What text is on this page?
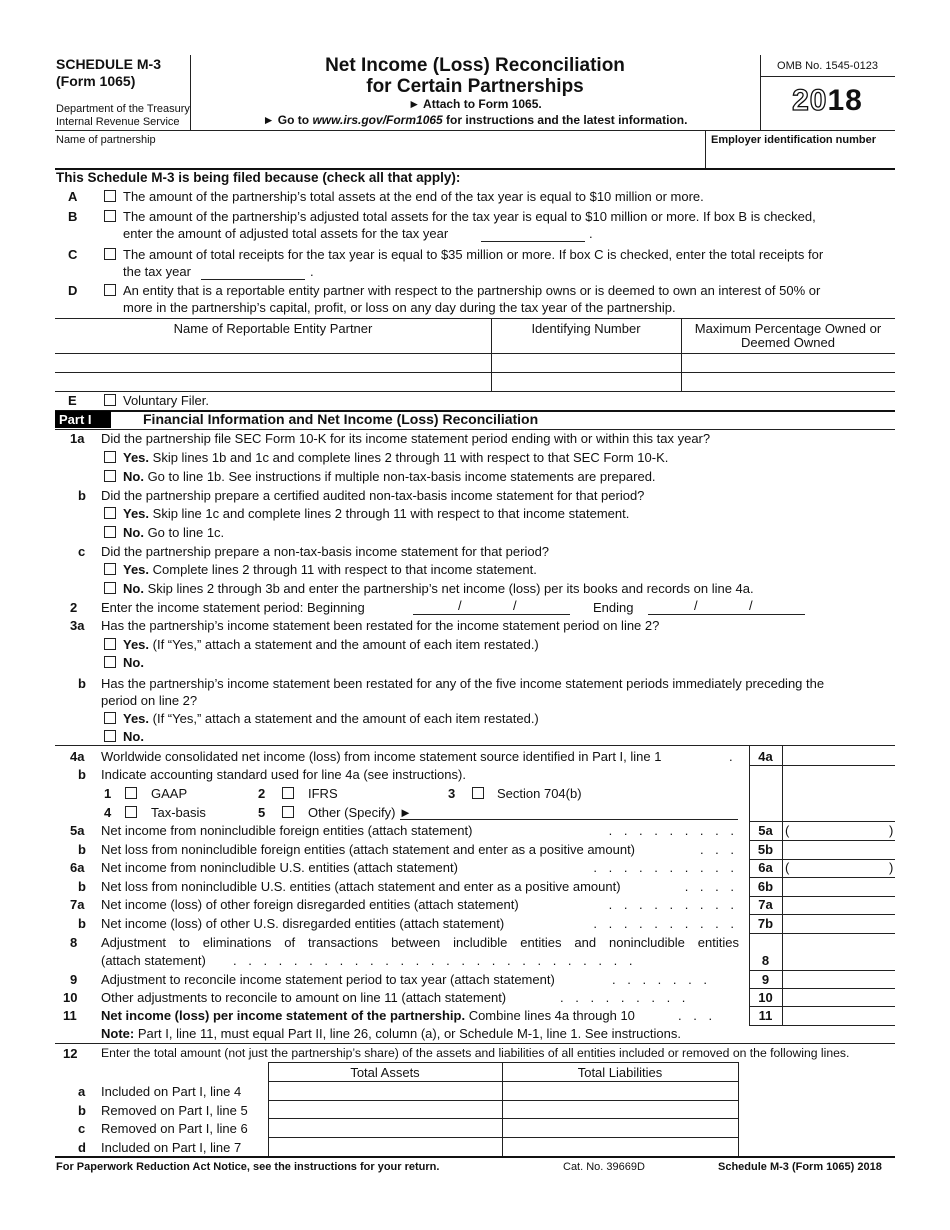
SCHEDULE M-3
(Form 1065)
Department of the Treasury
Internal Revenue Service
Net Income (Loss) Reconciliation
for Certain Partnerships
► Attach to Form 1065.
► Go to www.irs.gov/Form1065 for instructions and the latest information.
OMB No. 1545-0123
2018
Name of partnership	Employer identification number
This Schedule M-3 is being filed because (check all that apply):
A	The amount of the partnership’s total assets at the end of the tax year is equal to $10 million or more.
B	The amount of the partnership’s adjusted total assets for the tax year is equal to $10 million or more. If box B is checked,
enter the amount of adjusted total assets for the tax year	.
C	The amount of total receipts for the tax year is equal to $35 million or more. If box C is checked, enter the total receipts for
the tax year	.
D	An entity that is a reportable entity partner with respect to the partnership owns or is deemed to own an interest of 50% or
more in the partnership’s capital, profit, or loss on any day during the tax year of the partnership.
Name of Reportable Entity Partner	Identifying Number	Maximum Percentage Owned or
Deemed Owned
E	Voluntary Filer.
Part I	Financial Information and Net Income (Loss) Reconciliation
1a Did the partnership file SEC Form 10-K for its income statement period ending with or within this tax year?
Yes. Skip lines 1b and 1c and complete lines 2 through 11 with respect to that SEC Form 10-K.
No. Go to line 1b. See instructions if multiple non-tax-basis income statements are prepared.
b Did the partnership prepare a certified audited non-tax-basis income statement for that period?
Yes. Skip line 1c and complete lines 2 through 11 with respect to that income statement.
No. Go to line 1c.
c Did the partnership prepare a non-tax-basis income statement for that period?
Yes. Complete lines 2 through 11 with respect to that income statement.
No. Skip lines 2 through 3b and enter the partnership’s net income (loss) per its books and records on line 4a.
2 Enter the income statement period: Beginning	/	/	Ending	/	/
3a Has the partnership’s income statement been restated for the income statement period on line 2?
Yes. (If “Yes,” attach a statement and the amount of each item restated.)
No.
b Has the partnership’s income statement been restated for any of the five income statement periods immediately preceding the
period on line 2?
Yes. (If “Yes,” attach a statement and the amount of each item restated.)
No.
4a Worldwide consolidated net income (loss) from income statement source identified in Part I, line 1	.	4a
b Indicate accounting standard used for line 4a (see instructions).
1	GAAP	2	IFRS	3	Section 704(b)
4	Tax-basis	5	Other (Specify) ►
5a Net income from nonincludible foreign entities (attach statement)	. . . . . . . . .	5a (	)
b Net loss from nonincludible foreign entities (attach statement and enter as a positive amount)	. . .	5b
6a Net income from nonincludible U.S. entities (attach statement)	. . . . . . . . . .	6a (	)
b Net loss from nonincludible U.S. entities (attach statement and enter as a positive amount)	. . . .	6b
7a Net income (loss) of other foreign disregarded entities (attach statement)	. . . . . . . . .	7a
b Net income (loss) of other U.S. disregarded entities (attach statement)	. . . . . . . . . .	7b
8 Adjustment to eliminations of transactions between includible entities and nonincludible entities
(attach statement) . . . . . . . . . . . . . . . . . . . . . . . . . . .	8
9 Adjustment to reconcile income statement period to tax year (attach statement)	. . . . . . .	9
10 Other adjustments to reconcile to amount on line 11 (attach statement)	. . . . . . . . .	10
11 Net income (loss) per income statement of the partnership. Combine lines 4a through 10	. . .	11
Note: Part I, line 11, must equal Part II, line 26, column (a), or Schedule M-1, line 1. See instructions.
12 Enter the total amount (not just the partnership’s share) of the assets and liabilities of all entities included or removed on the following lines.
Total Assets	Total Liabilities
a Included on Part I, line 4
b Removed on Part I, line 5
c Removed on Part I, line 6
d Included on Part I, line 7
For Paperwork Reduction Act Notice, see the instructions for your return.	Cat. No. 39669D	Schedule M-3 (Form 1065) 2018
